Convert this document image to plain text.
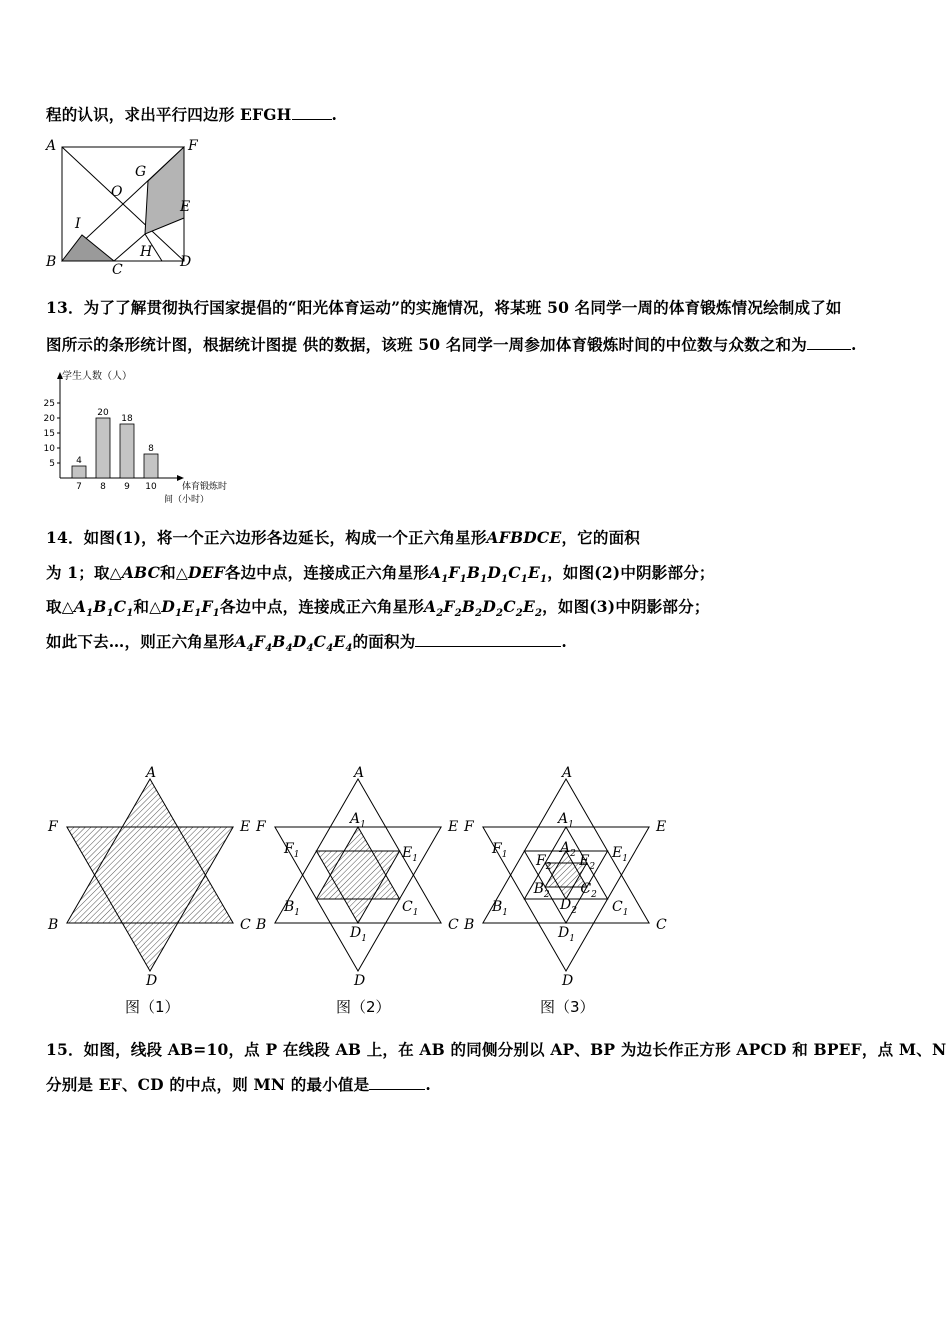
程的认识，求出平行四边形 EFGH	.
A	F
G
O
E
I
H
B	C	D
13．为了了解贯彻执行国家提倡的“阳光体育运动”的实施情况，将某班 50 名同学一周的体育锻炼情况绘制成了如
图所示的条形统计图，根据统计图提 供的数据，该班 50 名同学一周参加体育锻炼时间的中位数与众数之和为	.
学生人数（人）
体育锻炼时
间（小时）
5
10
15
20
25
4
7
20
8
18
9
8
10
14．如图(1)，将一个正六边形各边延长，构成一个正六角星形AFBDCE，它的面积
为 1；取△ABC和△DEF各边中点，连接成正六角星形$A_1F_1B_1D_1C_1E_1$，如图(2)中阴影部分；
取$\triangle A_1B_1C_1$和$\triangle D_1E_1F_1$各边中点，连接成正六角星形$A_2F_2B_2D_2C_2E_2$，如图(3)中阴影部分；
如此下去…，则正六角星形$A_4F_4B_4D_4C_4E_4$的面积为	.
A
D
F	E
B	C
A
D
F	E
B	C
$A_1$
$D_1$
$F_1$	$E_1$
$B_1$	$C_1$
A
D
F	E
B	C
$A_1$
$D_1$
$F_1$	$E_1$
$B_1$	$C_1$
$A_2$
$D_2$
$F_2$ $E_2$
$B_2$ $C_2$
图（1）	图（2）	图（3）
15．如图，线段 AB=10，点 P 在线段 AB 上，在 AB 的同侧分别以 AP、BP 为边长作正方形 APCD 和 BPEF，点 M、N
分别是 EF、CD 的中点，则 MN 的最小值是	.
